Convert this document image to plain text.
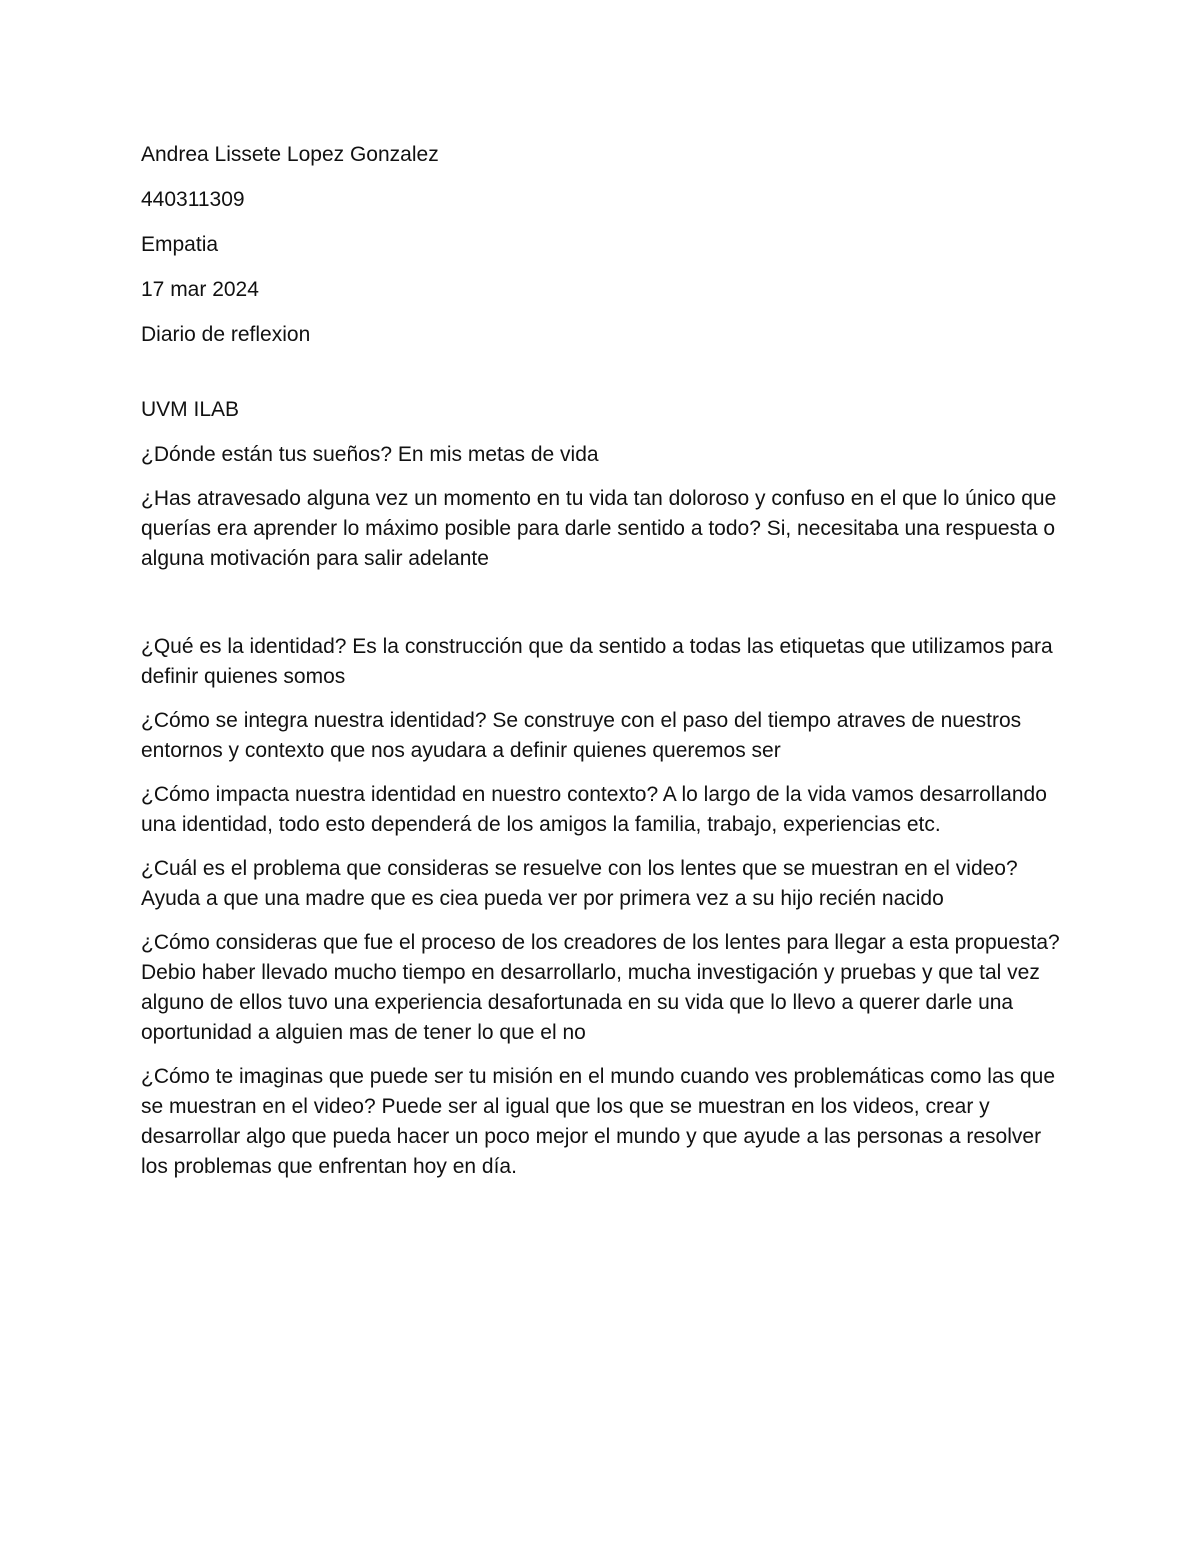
Andrea Lissete Lopez Gonzalez
440311309
Empatia
17 mar 2024
Diario de reflexion
UVM ILAB

¿Dónde están tus sueños? En mis metas de vida

¿Has atravesado alguna vez un momento en tu vida tan doloroso y confuso en el que lo único que querías era aprender lo máximo posible para darle sentido a todo? Si, necesitaba una respuesta o alguna motivación para salir adelante

¿Qué es la identidad? Es la construcción que da sentido a todas las etiquetas que utilizamos para definir quienes somos

¿Cómo se integra nuestra identidad? Se construye con el paso del tiempo atraves de nuestros entornos y contexto que nos ayudara a definir quienes queremos ser

¿Cómo impacta nuestra identidad en nuestro contexto? A lo largo de la vida vamos desarrollando una identidad, todo esto dependerá de los amigos la familia, trabajo, experiencias etc.

¿Cuál es el problema que consideras se resuelve con los lentes que se muestran en el video? Ayuda a que una madre que es ciea pueda ver por primera vez a su hijo recién nacido

¿Cómo consideras que fue el proceso de los creadores de los lentes para llegar a esta propuesta? Debio haber llevado mucho tiempo en desarrollarlo, mucha investigación y pruebas y que tal vez alguno de ellos tuvo una experiencia desafortunada en su vida que lo llevo a querer darle una oportunidad a alguien mas de tener lo que el no

¿Cómo te imaginas que puede ser tu misión en el mundo cuando ves problemáticas como las que se muestran en el video? Puede ser al igual que los que se muestran en los videos, crear y desarrollar algo que pueda hacer un poco mejor el mundo y que ayude a las personas a resolver los problemas que enfrentan hoy en día.
